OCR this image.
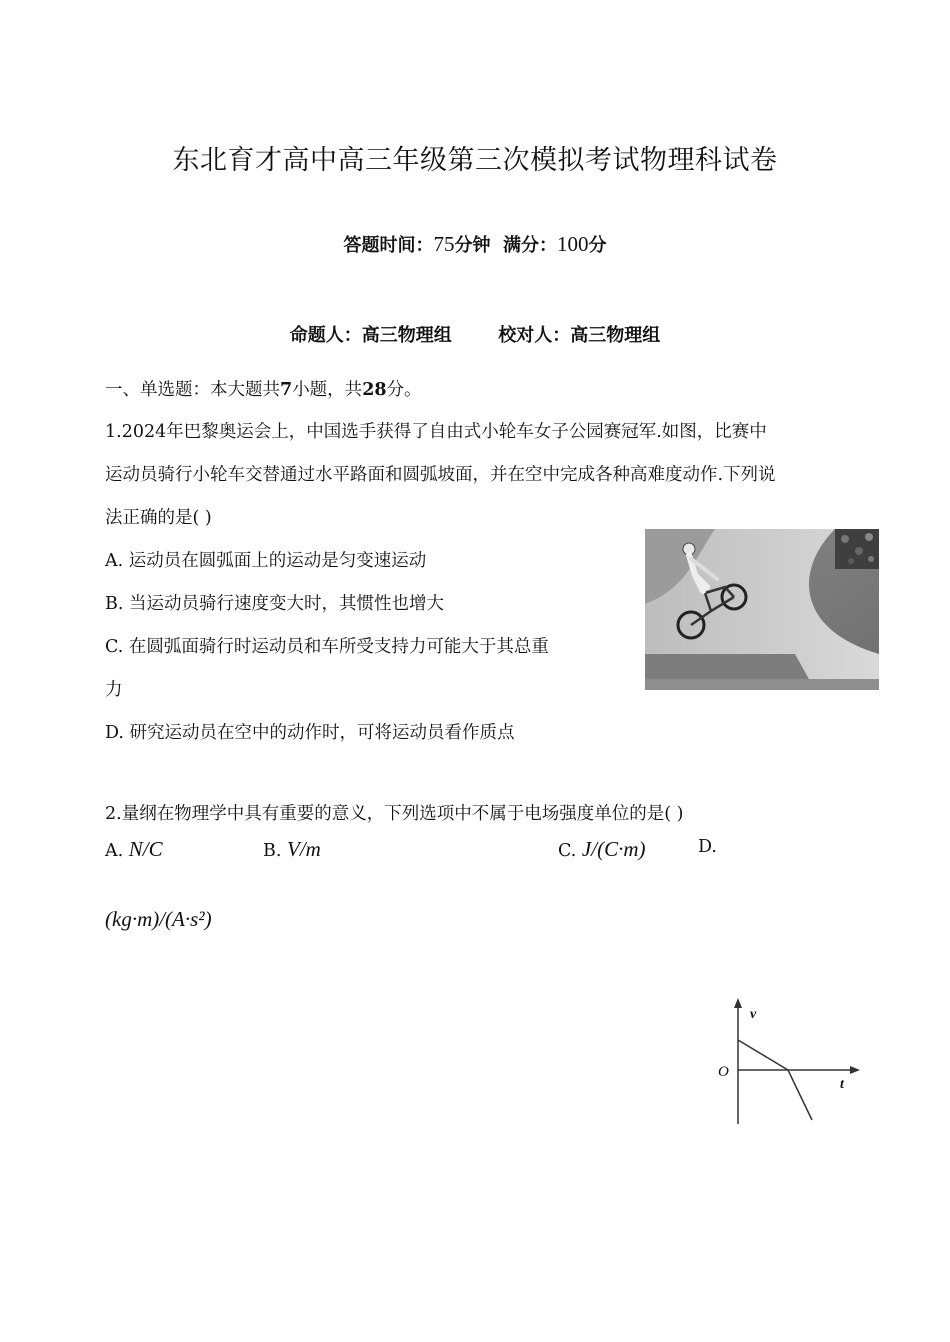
东北育才高中高三年级第三次模拟考试物理科试卷
答题时间：75分钟 满分：100分
命题人：高三物理组	校对人：高三物理组
一、单选题：本大题共7小题，共28分。
1.2024年巴黎奥运会上，中国选手获得了自由式小轮车女子公园赛冠军.如图，比赛中
运动员骑行小轮车交替通过水平路面和圆弧坡面，并在空中完成各种高难度动作.下列说
法正确的是( )
A. 运动员在圆弧面上的运动是匀变速运动
B. 当运动员骑行速度变大时，其惯性也增大
C. 在圆弧面骑行时运动员和车所受支持力可能大于其总重
力
D. 研究运动员在空中的动作时，可将运动员看作质点
2.量纲在物理学中具有重要的意义，下列选项中不属于电场强度单位的是( )
A. N/C	B. V/m	C. J/(C·m)	D.
(kg·m)/(A·s²)
v
t
O
